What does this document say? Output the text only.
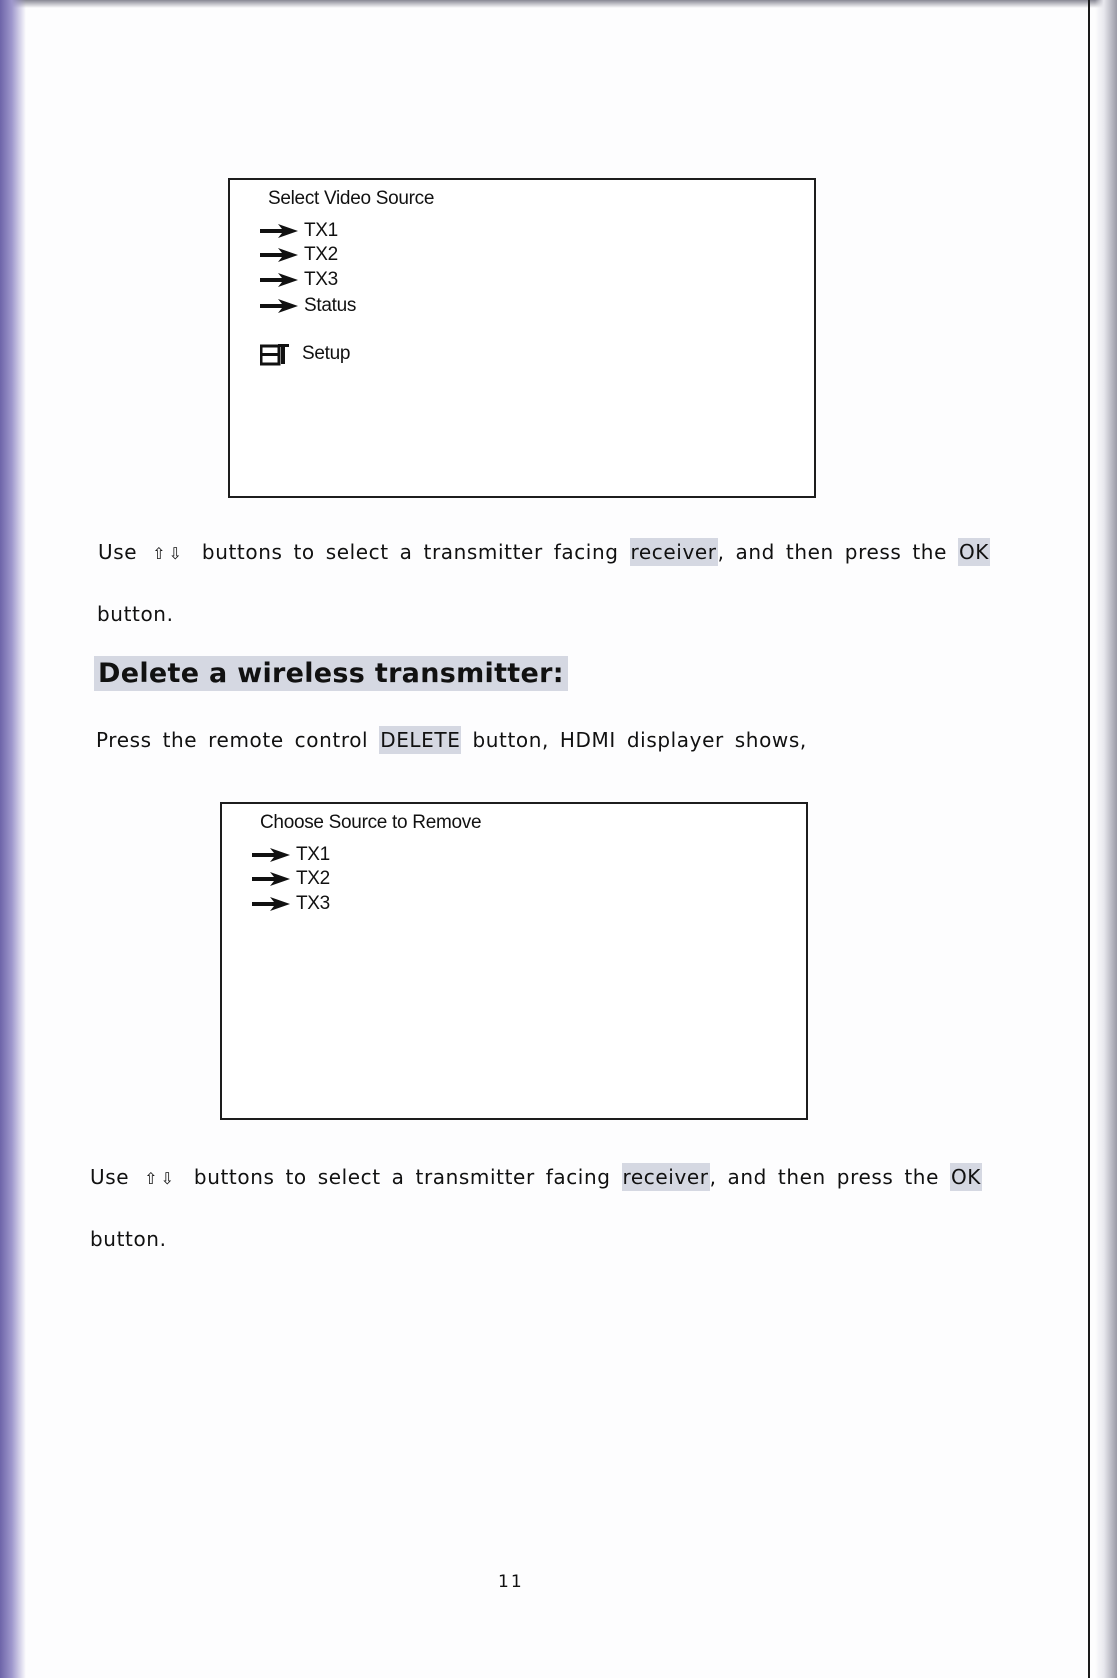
Select Video Source
TX1
TX2
TX3
Status
Setup
Use ⇧⇩ buttons to select a transmitter facing receiver, and then press the OK
button.
Delete a wireless transmitter:
Press the remote control DELETE button, HDMI displayer shows,
Choose Source to Remove
TX1
TX2
TX3
Use ⇧⇩ buttons to select a transmitter facing receiver, and then press the OK
button.
11
